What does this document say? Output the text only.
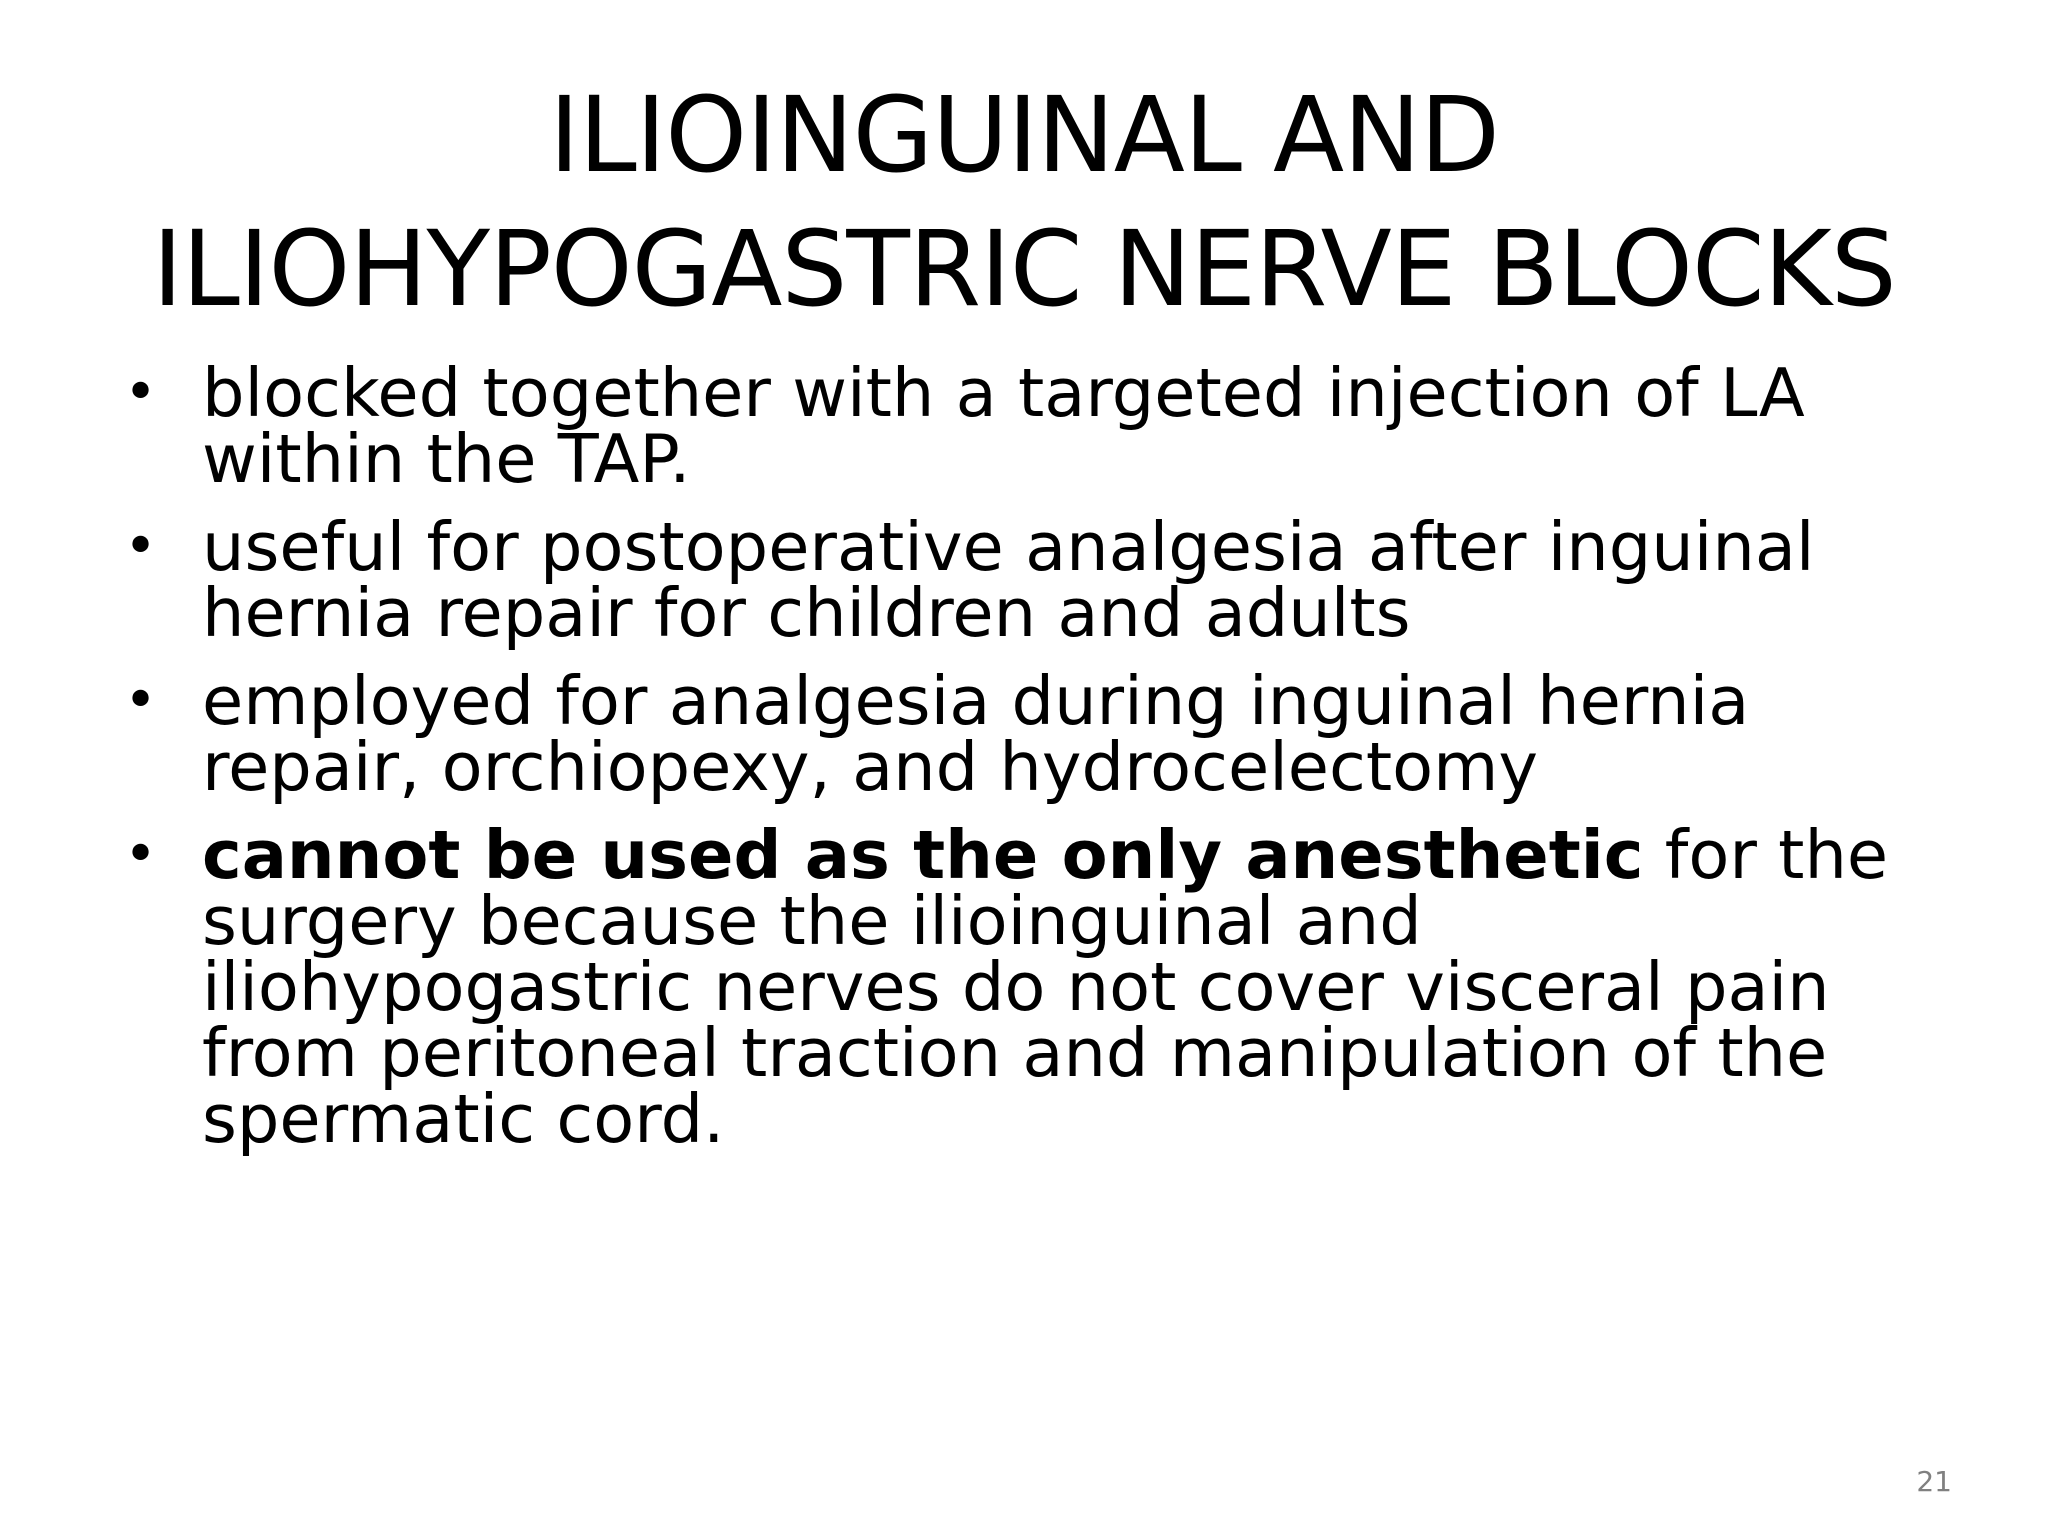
ILIOINGUINAL AND
ILIOHYPOGASTRIC NERVE BLOCKS
• blocked together with a targeted injection of LA within the TAP.
• useful for postoperative analgesia after inguinal hernia repair for children and adults
• employed for analgesia during inguinal hernia repair, orchiopexy, and hydrocelectomy
• cannot be used as the only anesthetic for the surgery because the ilioinguinal and iliohypogastric nerves do not cover visceral pain from peritoneal traction and manipulation of the spermatic cord.
21
